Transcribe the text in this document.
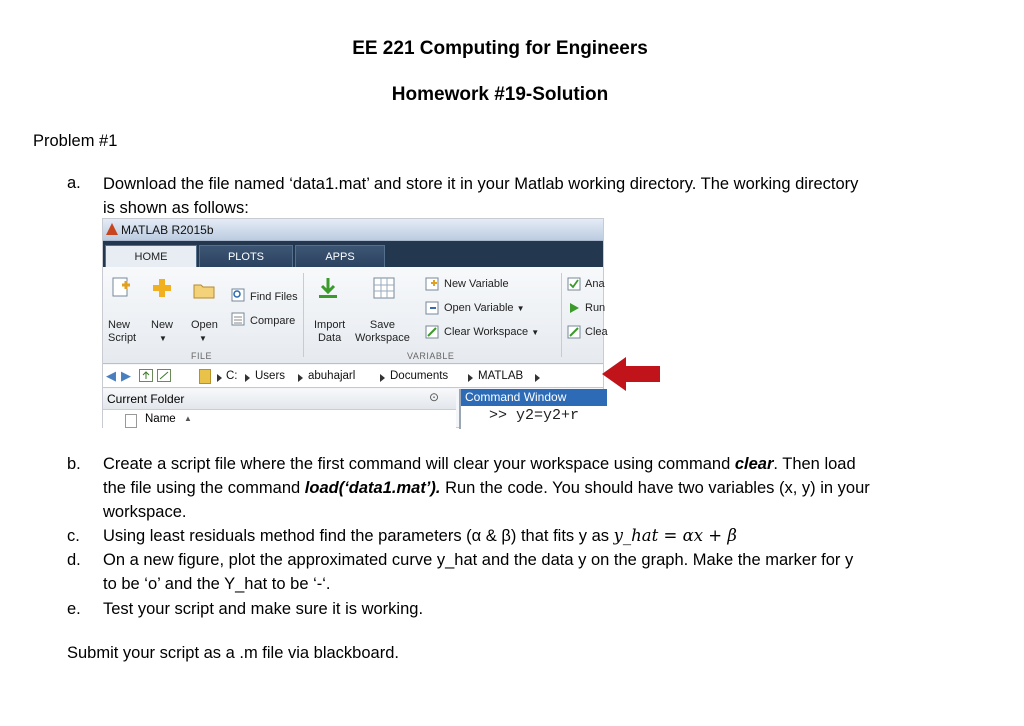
EE 221 Computing for Engineers
Homework #19-Solution
Problem #1
a. Download the file named ‘data1.mat’ and store it in your Matlab working directory. The working directory
is shown as follows:
MATLAB R2015b
HOME	PLOTS	APPS
New
Script
New
▼
Open
▼
Find Files
Compare
FILE
Import
Data
Save
Workspace
New Variable
Open Variable ▼
Clear Workspace ▼
VARIABLE
Ana
Run
Clea
◀ ▶	C: Users abuhajarl	Documents	MATLAB
Current Folder	⊙
Name ▲
Command Window
>> y2=y2+r
b. Create a script file where the first command will clear your workspace using command clear. Then load
the file using the command load(‘data1.mat’). Run the code. You should have two variables (x, y) in your
workspace.
c. Using least residuals method find the parameters (α & β) that fits y as y_hat = αx + β
d. On a new figure, plot the approximated curve y_hat and the data y on the graph. Make the marker for y
to be ‘o’ and the Y_hat to be ‘-‘.
e. Test your script and make sure it is working.
Submit your script as a .m file via blackboard.
